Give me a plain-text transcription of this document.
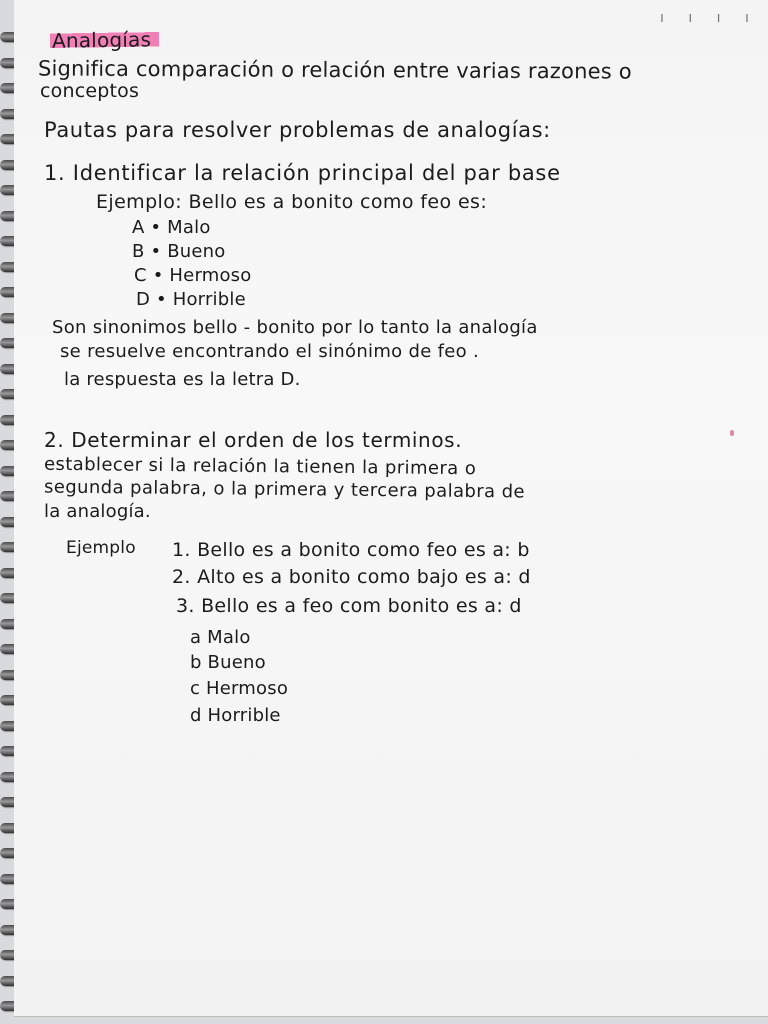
ı ı ı ı
Analogías
Significa comparación o relación entre varias razones o
conceptos
Pautas para resolver problemas de analogías:
1. Identificar la relación principal del par base
Ejemplo: Bello es a bonito como feo es:
A • Malo
B • Bueno
C • Hermoso
D • Horrible
Son sinonimos bello - bonito por lo tanto la analogía
se resuelve encontrando el sinónimo de feo .
la respuesta es la letra D.
2. Determinar el orden de los terminos.
establecer si la relación la tienen la primera o
segunda palabra, o la primera y tercera palabra de
la analogía.
Ejemplo 1. Bello es a bonito como feo es a: b
2. Alto es a bonito como bajo es a: d
3. Bello es a feo com bonito es a: d
a Malo
b Bueno
c Hermoso
d Horrible
